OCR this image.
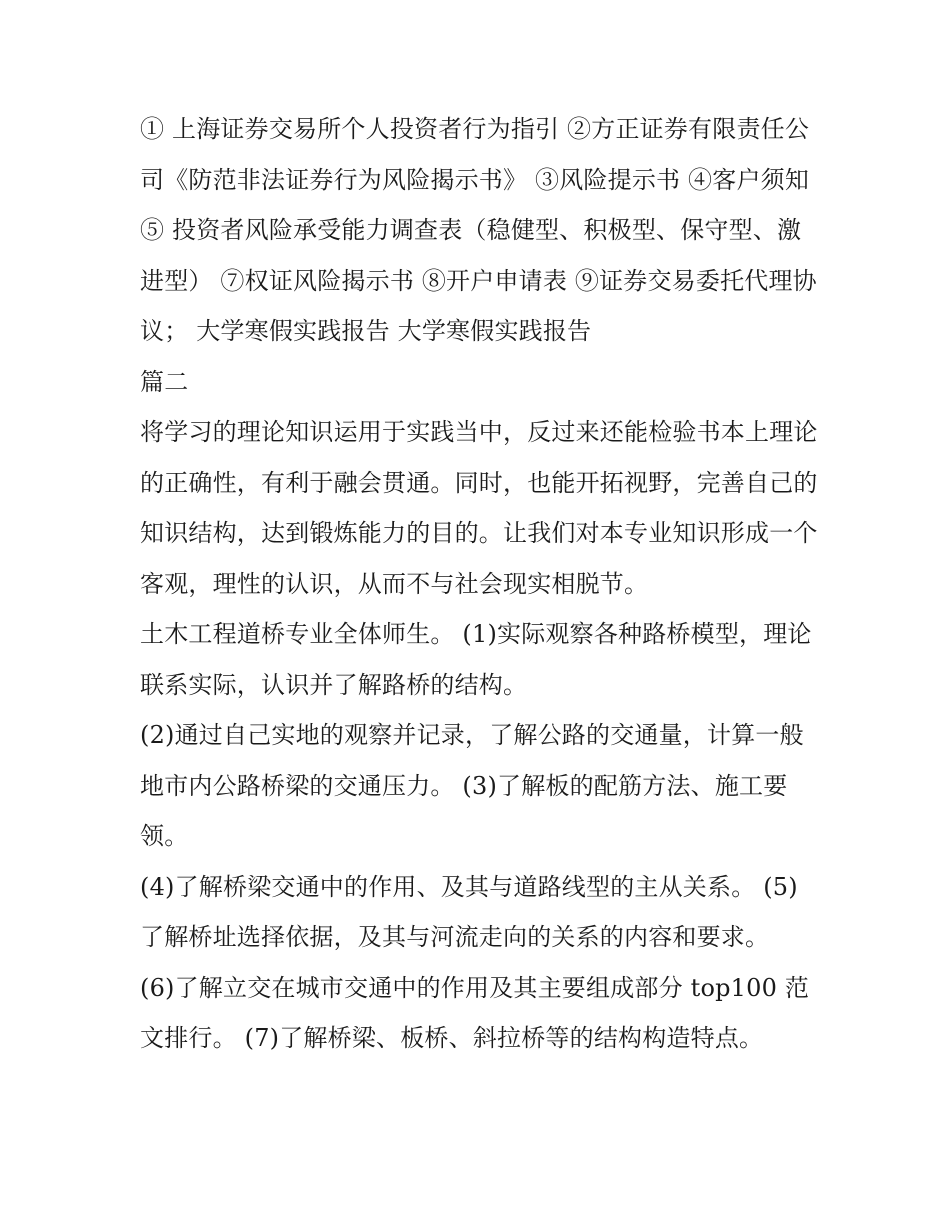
① 上海证券交易所个人投资者行为指引 ②方正证券有限责任公司《防范非法证券行为风险揭示书》 ③风险提示书 ④客户须知

⑤ 投资者风险承受能力调查表（稳健型、积极型、保守型、激进型） ⑦权证风险揭示书 ⑧开户申请表 ⑨证券交易委托代理协议； 大学寒假实践报告 大学寒假实践报告

篇二

将学习的理论知识运用于实践当中，反过来还能检验书本上理论的正确性，有利于融会贯通。同时，也能开拓视野，完善自己的知识结构，达到锻炼能力的目的。让我们对本专业知识形成一个客观，理性的认识，从而不与社会现实相脱节。

土木工程道桥专业全体师生。 (1)实际观察各种路桥模型，理论联系实际，认识并了解路桥的结构。

(2)通过自己实地的观察并记录，了解公路的交通量，计算一般地市内公路桥梁的交通压力。 (3)了解板的配筋方法、施工要领。

(4)了解桥梁交通中的作用、及其与道路线型的主从关系。 (5)了解桥址选择依据，及其与河流走向的关系的内容和要求。

(6)了解立交在城市交通中的作用及其主要组成部分 top100 范文排行。 (7)了解桥梁、板桥、斜拉桥等的结构构造特点。
